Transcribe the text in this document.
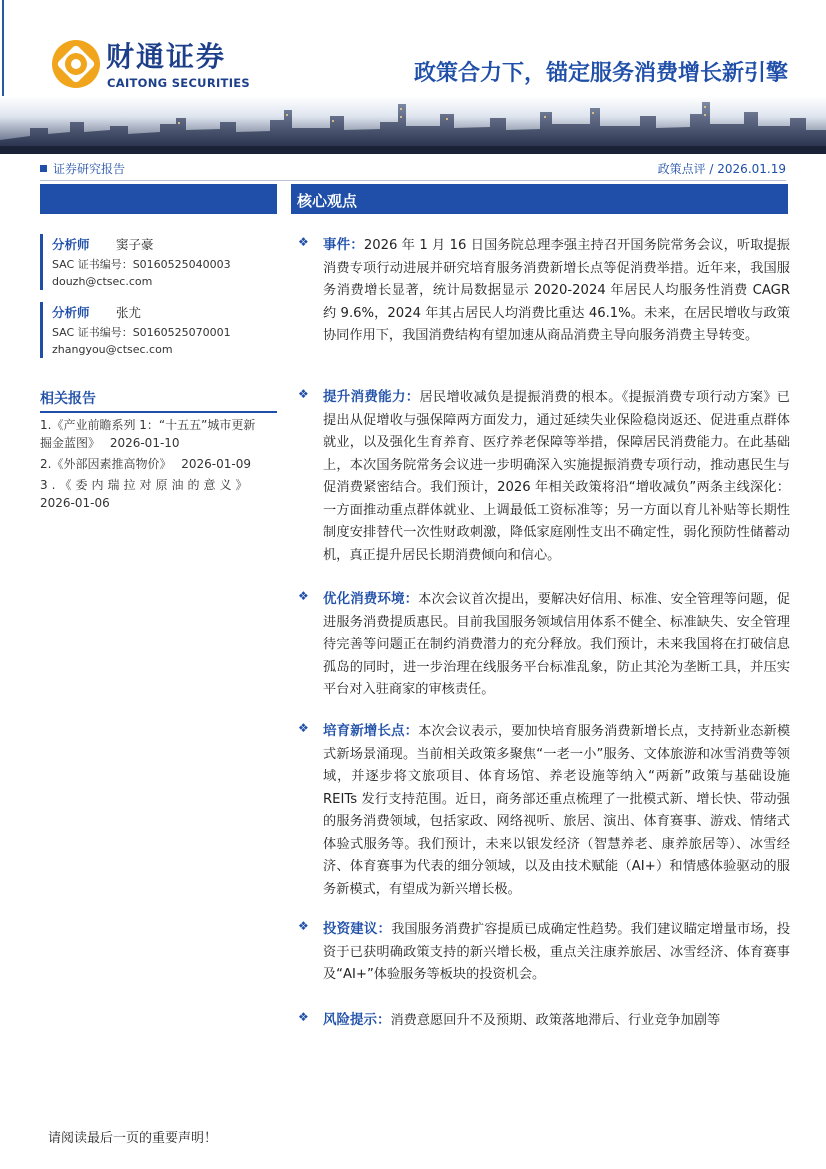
财通证券
CAITONG SECURITIES	政策合力下，锚定服务消费增长新引擎
证券研究报告	政策点评 / 2026.01.19
核心观点
分析师 窦子豪
SAC 证书编号：S0160525040003
douzh@ctsec.com
分析师 张尤
SAC 证书编号：S0160525070001
zhangyou@ctsec.com
相关报告
1.《产业前瞻系列 1：“十五五”城市更新
掘金蓝图》　 2026-01-10
2.《外部因素推高物价》　 2026-01-09
3.《委内瑞拉对原油的意义》
2026-01-06
❖ 事件：2026 年 1 月 16 日国务院总理李强主持召开国务院常务会议，听取提振消费专项行动进展并研究培育服务消费新增长点等促消费举措。近年来，我国服务消费增长显著，统计局数据显示 2020-2024 年居民人均服务性消费 CAGR 约 9.6%，2024 年其占居民人均消费比重达 46.1%。未来，在居民增收与政策协同作用下，我国消费结构有望加速从商品消费主导向服务消费主导转变。
❖ 提升消费能力：居民增收减负是提振消费的根本。《提振消费专项行动方案》已提出从促增收与强保障两方面发力，通过延续失业保险稳岗返还、促进重点群体就业，以及强化生育养育、医疗养老保障等举措，保障居民消费能力。在此基础上，本次国务院常务会议进一步明确深入实施提振消费专项行动，推动惠民生与促消费紧密结合。我们预计，2026 年相关政策将沿“增收减负”两条主线深化：一方面推动重点群体就业、上调最低工资标准等；另一方面以育儿补贴等长期性制度安排替代一次性财政刺激，降低家庭刚性支出不确定性，弱化预防性储蓄动机，真正提升居民长期消费倾向和信心。
❖ 优化消费环境：本次会议首次提出，要解决好信用、标准、安全管理等问题，促进服务消费提质惠民。目前我国服务领域信用体系不健全、标准缺失、安全管理待完善等问题正在制约消费潜力的充分释放。我们预计，未来我国将在打破信息孤岛的同时，进一步治理在线服务平台标准乱象，防止其沦为垄断工具，并压实平台对入驻商家的审核责任。
❖ 培育新增长点：本次会议表示，要加快培育服务消费新增长点，支持新业态新模式新场景涌现。当前相关政策多聚焦“一老一小”服务、文体旅游和冰雪消费等领域，并逐步将文旅项目、体育场馆、养老设施等纳入“两新”政策与基础设施 REITs 发行支持范围。近日，商务部还重点梳理了一批模式新、增长快、带动强的服务消费领域，包括家政、网络视听、旅居、演出、体育赛事、游戏、情绪式体验式服务等。我们预计，未来以银发经济（智慧养老、康养旅居等）、冰雪经济、体育赛事为代表的细分领域，以及由技术赋能（AI+）和情感体验驱动的服务新模式，有望成为新兴增长极。
❖ 投资建议：我国服务消费扩容提质已成确定性趋势。我们建议瞄定增量市场，投资于已获明确政策支持的新兴增长极，重点关注康养旅居、冰雪经济、体育赛事及“AI+”体验服务等板块的投资机会。
❖ 风险提示：消费意愿回升不及预期、政策落地滞后、行业竞争加剧等
请阅读最后一页的重要声明！
